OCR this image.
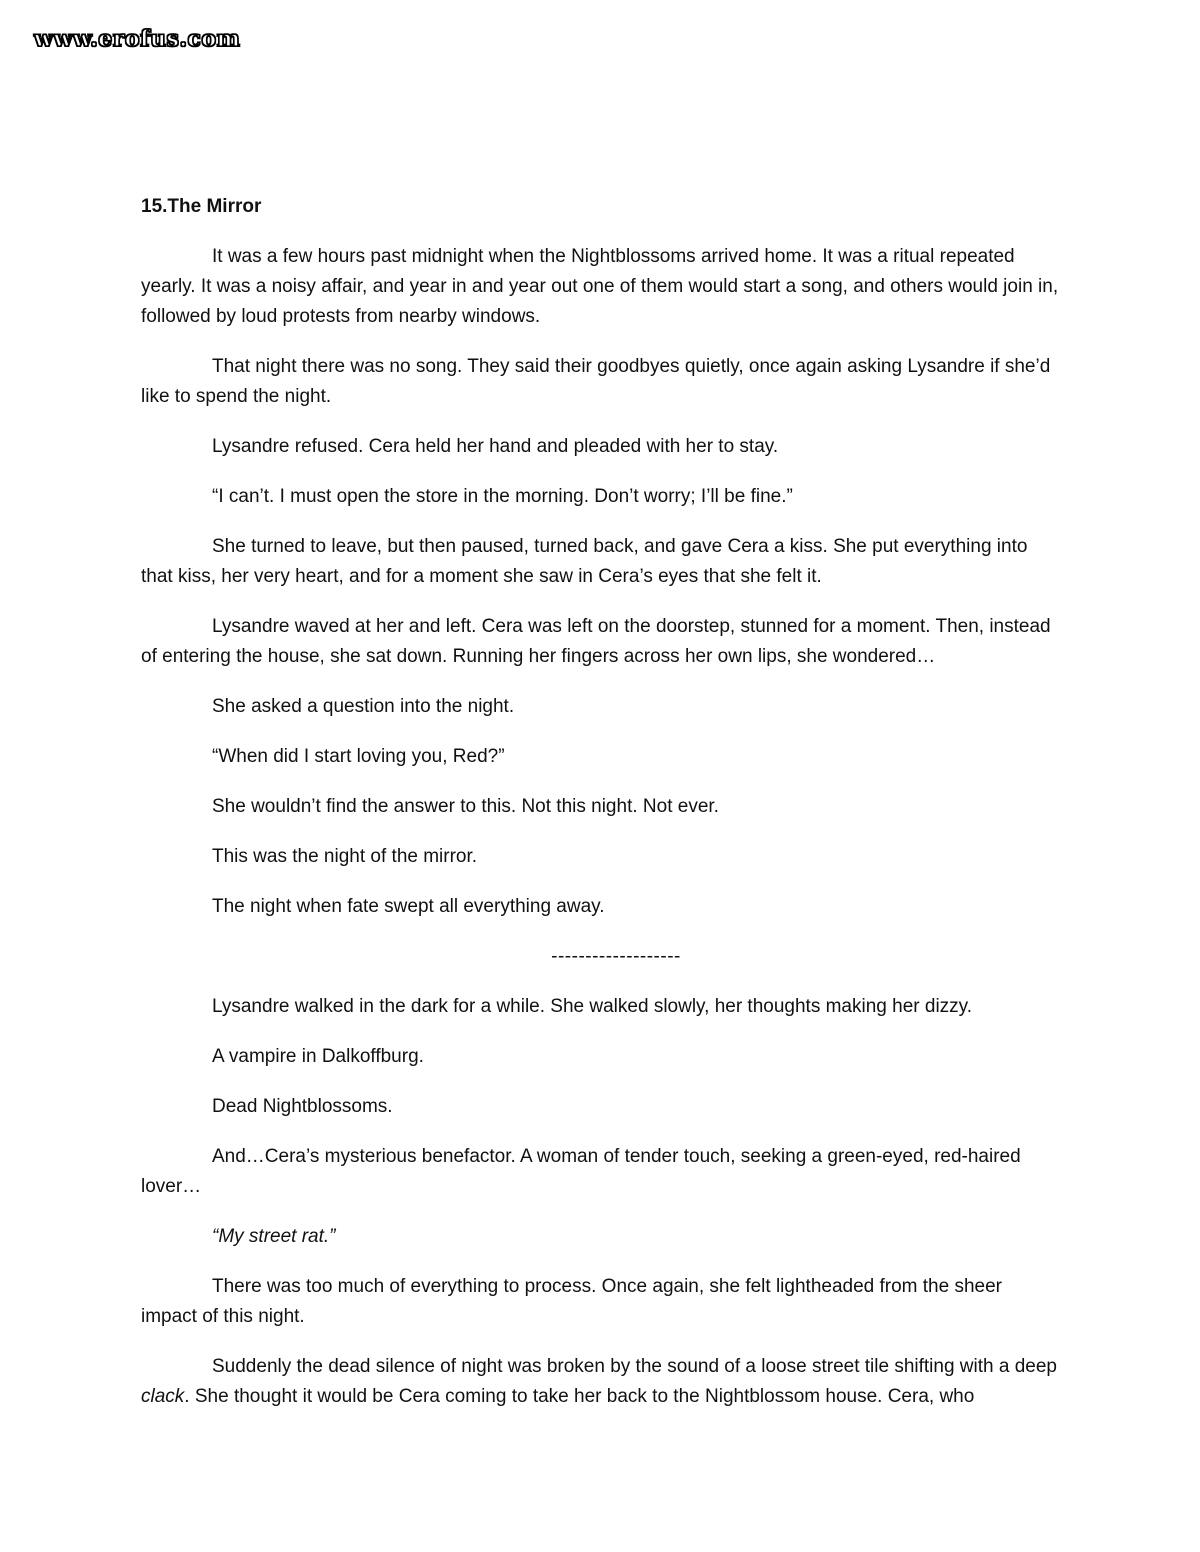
www.erofus.com
15.The Mirror

It was a few hours past midnight when the Nightblossoms arrived home. It was a ritual repeated yearly. It was a noisy affair, and year in and year out one of them would start a song, and others would join in, followed by loud protests from nearby windows.

That night there was no song. They said their goodbyes quietly, once again asking Lysandre if she’d like to spend the night.

Lysandre refused. Cera held her hand and pleaded with her to stay.

“I can’t. I must open the store in the morning. Don’t worry; I’ll be fine.”

She turned to leave, but then paused, turned back, and gave Cera a kiss. She put everything into that kiss, her very heart, and for a moment she saw in Cera’s eyes that she felt it.

Lysandre waved at her and left. Cera was left on the doorstep, stunned for a moment. Then, instead of entering the house, she sat down. Running her fingers across her own lips, she wondered…

She asked a question into the night.

“When did I start loving you, Red?”

She wouldn’t find the answer to this. Not this night. Not ever.

This was the night of the mirror.

The night when fate swept all everything away.

-------------------

Lysandre walked in the dark for a while. She walked slowly, her thoughts making her dizzy.

A vampire in Dalkoffburg.

Dead Nightblossoms.

And…Cera’s mysterious benefactor. A woman of tender touch, seeking a green-eyed, red-haired lover…

“My street rat.”

There was too much of everything to process. Once again, she felt lightheaded from the sheer impact of this night.

Suddenly the dead silence of night was broken by the sound of a loose street tile shifting with a deep clack. She thought it would be Cera coming to take her back to the Nightblossom house. Cera, who
